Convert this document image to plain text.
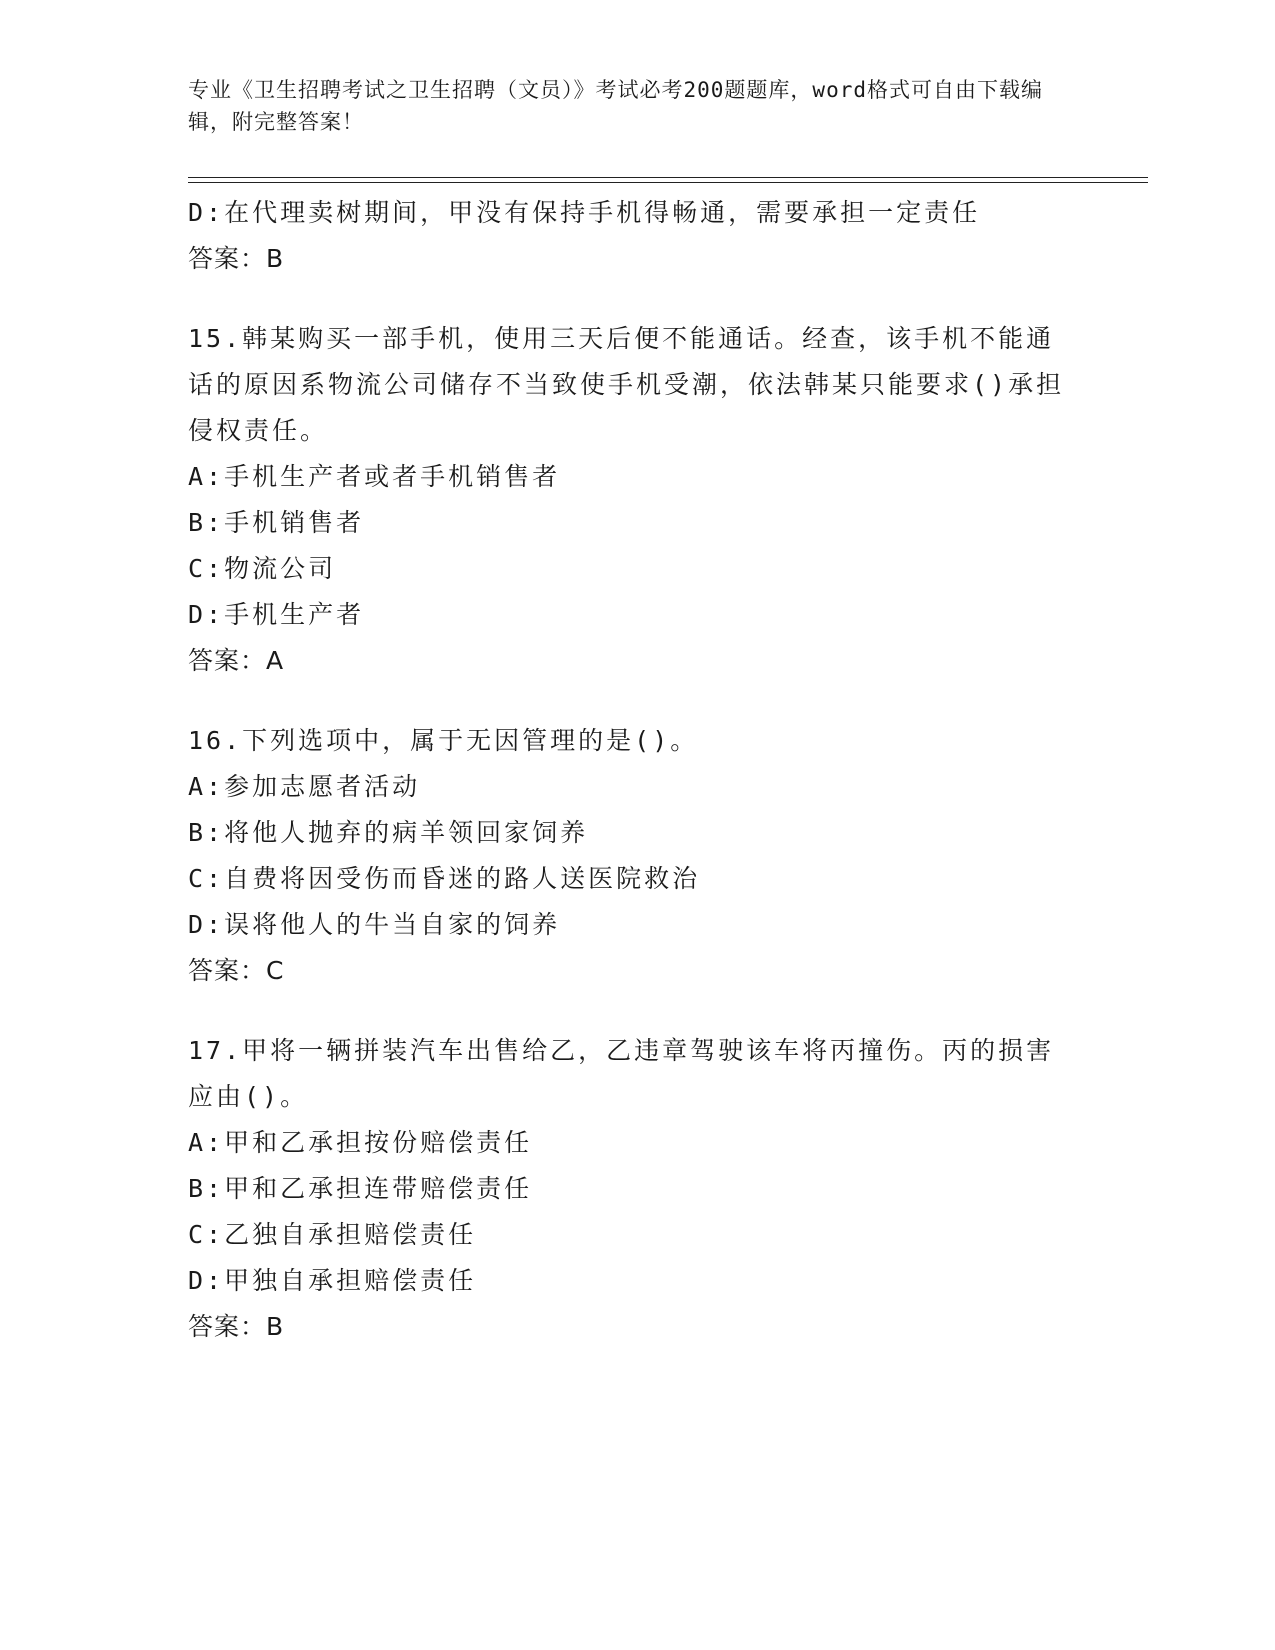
专业《卫生招聘考试之卫生招聘（文员）》考试必考200题题库，word格式可自由下载编辑，附完整答案！
D:在代理卖树期间，甲没有保持手机得畅通，需要承担一定责任
答案：B
15.韩某购买一部手机，使用三天后便不能通话。经查，该手机不能通话的原因系物流公司储存不当致使手机受潮，依法韩某只能要求()承担侵权责任。
A:手机生产者或者手机销售者
B:手机销售者
C:物流公司
D:手机生产者
答案：A
16.下列选项中，属于无因管理的是()。
A:参加志愿者活动
B:将他人抛弃的病羊领回家饲养
C:自费将因受伤而昏迷的路人送医院救治
D:误将他人的牛当自家的饲养
答案：C
17.甲将一辆拼装汽车出售给乙，乙违章驾驶该车将丙撞伤。丙的损害应由()。
A:甲和乙承担按份赔偿责任
B:甲和乙承担连带赔偿责任
C:乙独自承担赔偿责任
D:甲独自承担赔偿责任
答案：B
